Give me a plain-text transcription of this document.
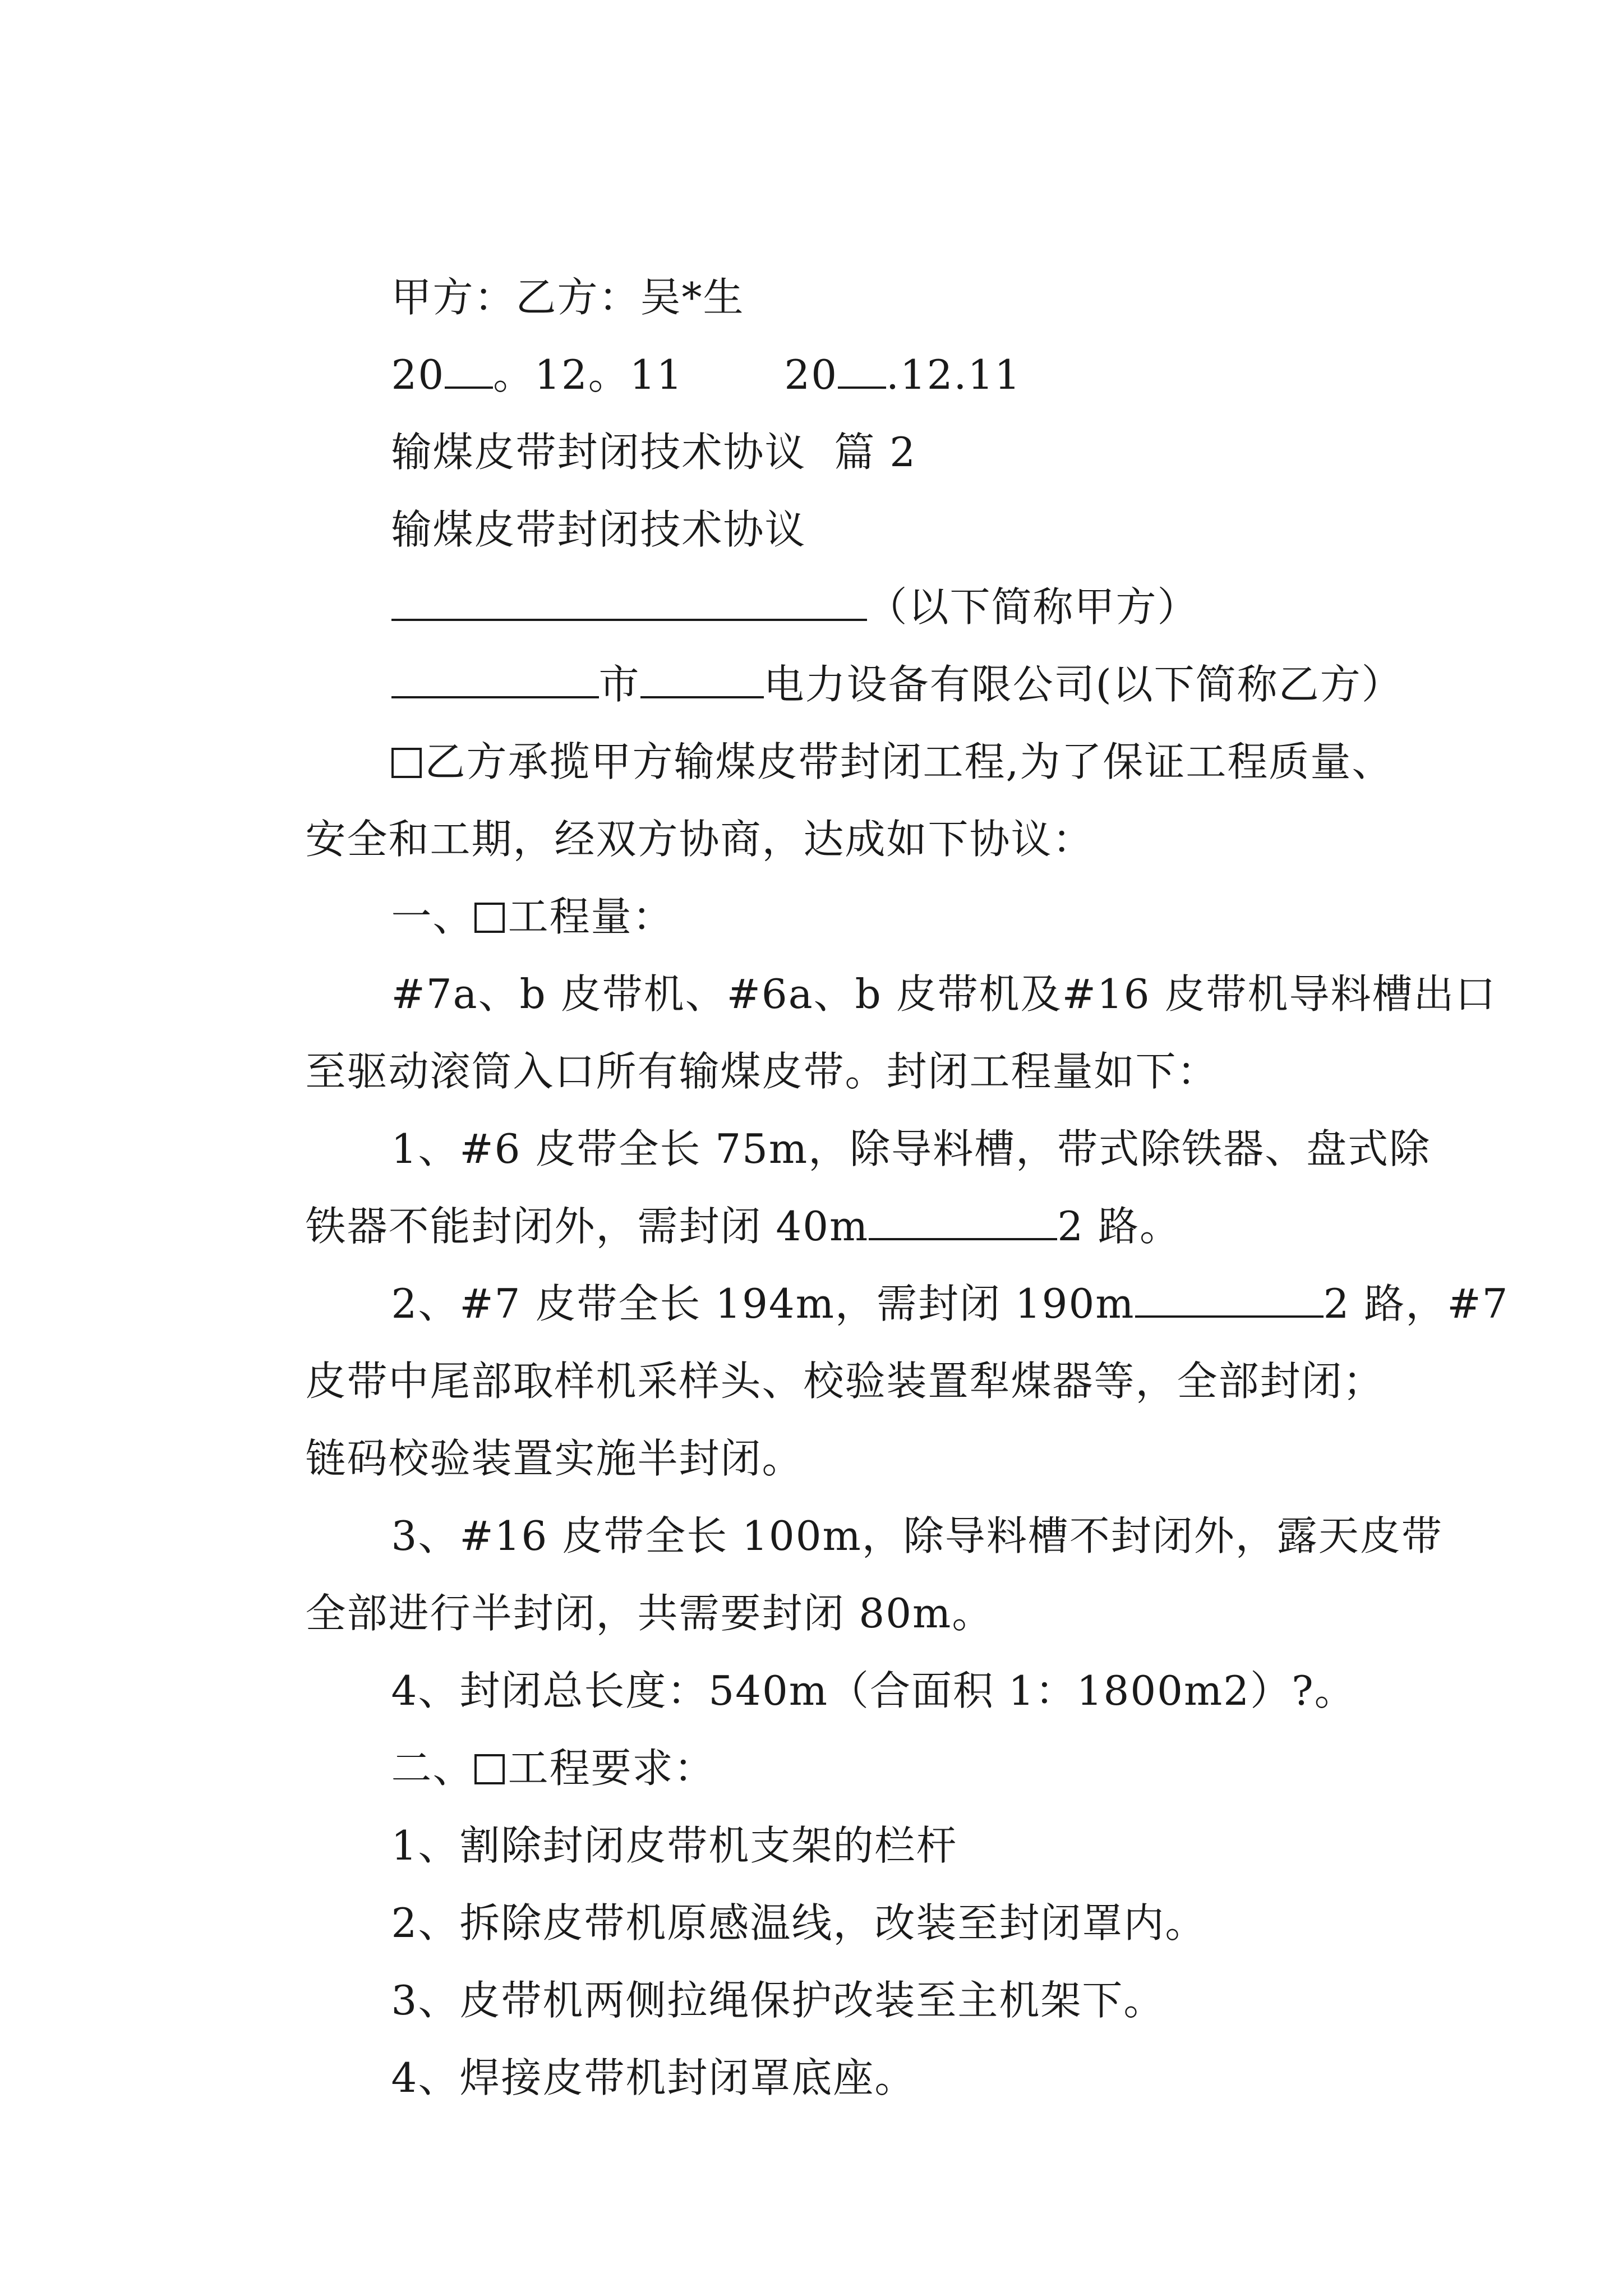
甲方：乙方：吴*生

20 。12。11	20 .12.11

输煤皮带封闭技术协议  篇 2

输煤皮带封闭技术协议

（以下简称甲方）

市	电力设备有限公司(以下简称乙方）

乙方承揽甲方输煤皮带封闭工程,为了保证工程质量、

安全和工期，经双方协商，达成如下协议：

一、 工程量：

#7a、b 皮带机、#6a、b 皮带机及#16 皮带机导料槽出口

至驱动滚筒入口所有输煤皮带。封闭工程量如下：

1、#6 皮带全长 75m，除导料槽，带式除铁器、盘式除

铁器不能封闭外，需封闭 40m	2 路。

2、#7 皮带全长 194m，需封闭 190m	2 路，#7

皮带中尾部取样机采样头、校验装置犁煤器等，全部封闭；

链码校验装置实施半封闭。

3、#16 皮带全长 100m，除导料槽不封闭外，露天皮带

全部进行半封闭，共需要封闭 80m。

4、封闭总长度：540m（合面积 1：1800m2）?。

二、 工程要求：

1、割除封闭皮带机支架的栏杆

2、拆除皮带机原感温线，改装至封闭罩内。

3、皮带机两侧拉绳保护改装至主机架下。

4、焊接皮带机封闭罩底座。
